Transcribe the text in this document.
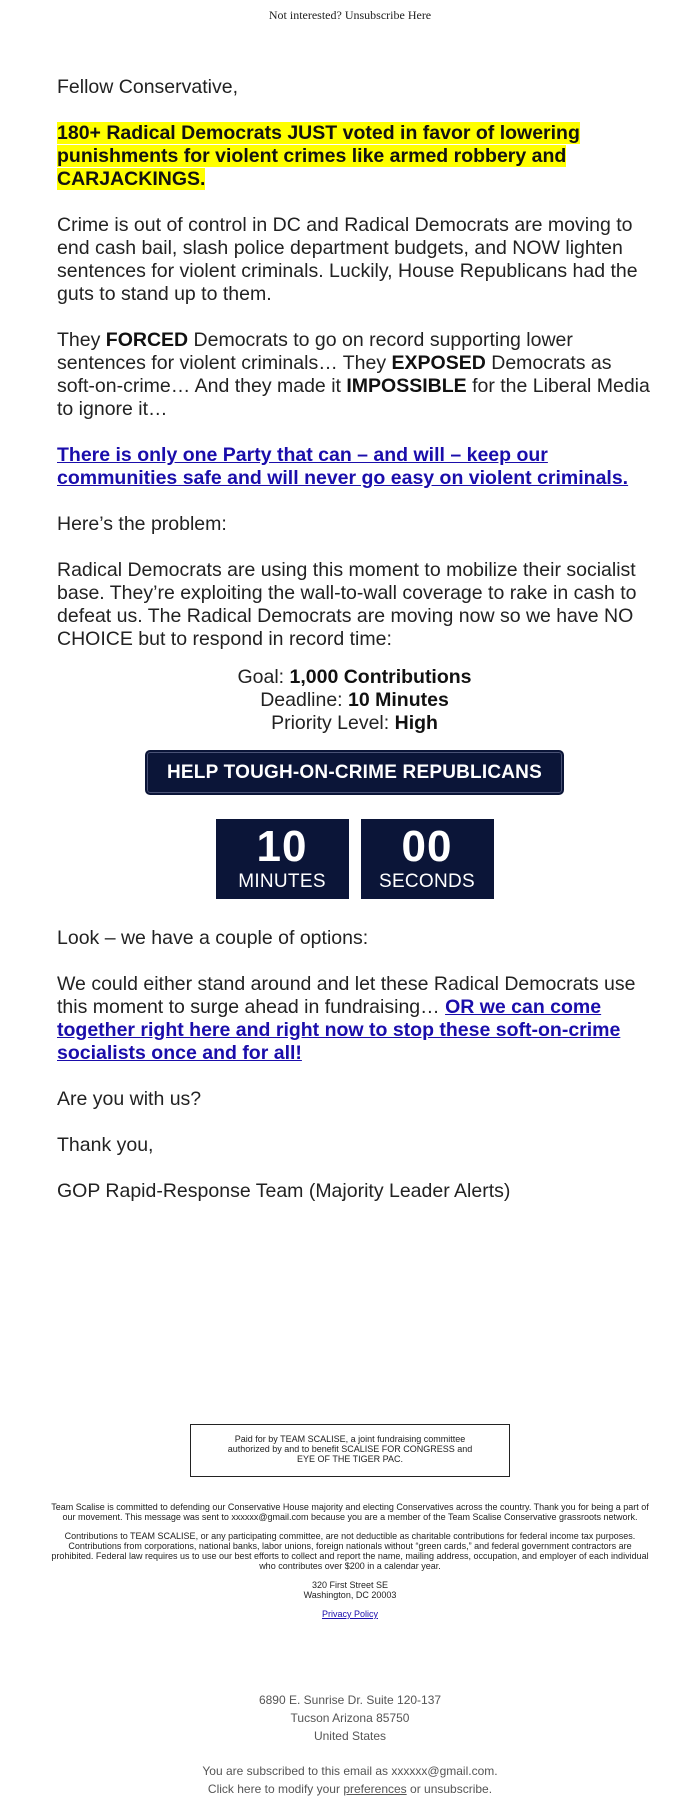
Not interested? Unsubscribe Here

Fellow Conservative,

180+ Radical Democrats JUST voted in favor of lowering punishments for violent crimes like armed robbery and CARJACKINGS.

Crime is out of control in DC and Radical Democrats are moving to end cash bail, slash police department budgets, and NOW lighten sentences for violent criminals. Luckily, House Republicans had the guts to stand up to them.

They FORCED Democrats to go on record supporting lower sentences for violent criminals… They EXPOSED Democrats as soft-on-crime… And they made it IMPOSSIBLE for the Liberal Media to ignore it…

There is only one Party that can – and will – keep our communities safe and will never go easy on violent criminals.

Here’s the problem:

Radical Democrats are using this moment to mobilize their socialist base. They’re exploiting the wall-to-wall coverage to rake in cash to defeat us. The Radical Democrats are moving now so we have NO CHOICE but to respond in record time:

Goal: 1,000 Contributions
Deadline: 10 Minutes
Priority Level: High
HELP TOUGH-ON-CRIME REPUBLICANS
10
MINUTES
00
SECONDS

Look – we have a couple of options:

We could either stand around and let these Radical Democrats use this moment to surge ahead in fundraising… OR we can come together right here and right now to stop these soft-on-crime socialists once and for all!

Are you with us?

Thank you,

GOP Rapid-Response Team (Majority Leader Alerts)

Paid for by TEAM SCALISE, a joint fundraising committee authorized by and to benefit SCALISE FOR CONGRESS and EYE OF THE TIGER PAC.

Team Scalise is committed to defending our Conservative House majority and electing Conservatives across the country. Thank you for being a part of our movement. This message was sent to xxxxxx@gmail.com because you are a member of the Team Scalise Conservative grassroots network.

Contributions to TEAM SCALISE, or any participating committee, are not deductible as charitable contributions for federal income tax purposes. Contributions from corporations, national banks, labor unions, foreign nationals without “green cards,” and federal government contractors are prohibited. Federal law requires us to use our best efforts to collect and report the name, mailing address, occupation, and employer of each individual who contributes over $200 in a calendar year.

320 First Street SE
Washington, DC 20003

Privacy Policy

6890 E. Sunrise Dr. Suite 120-137
Tucson Arizona 85750
United States
You are subscribed to this email as xxxxxx@gmail.com.
Click here to modify your preferences or unsubscribe.
